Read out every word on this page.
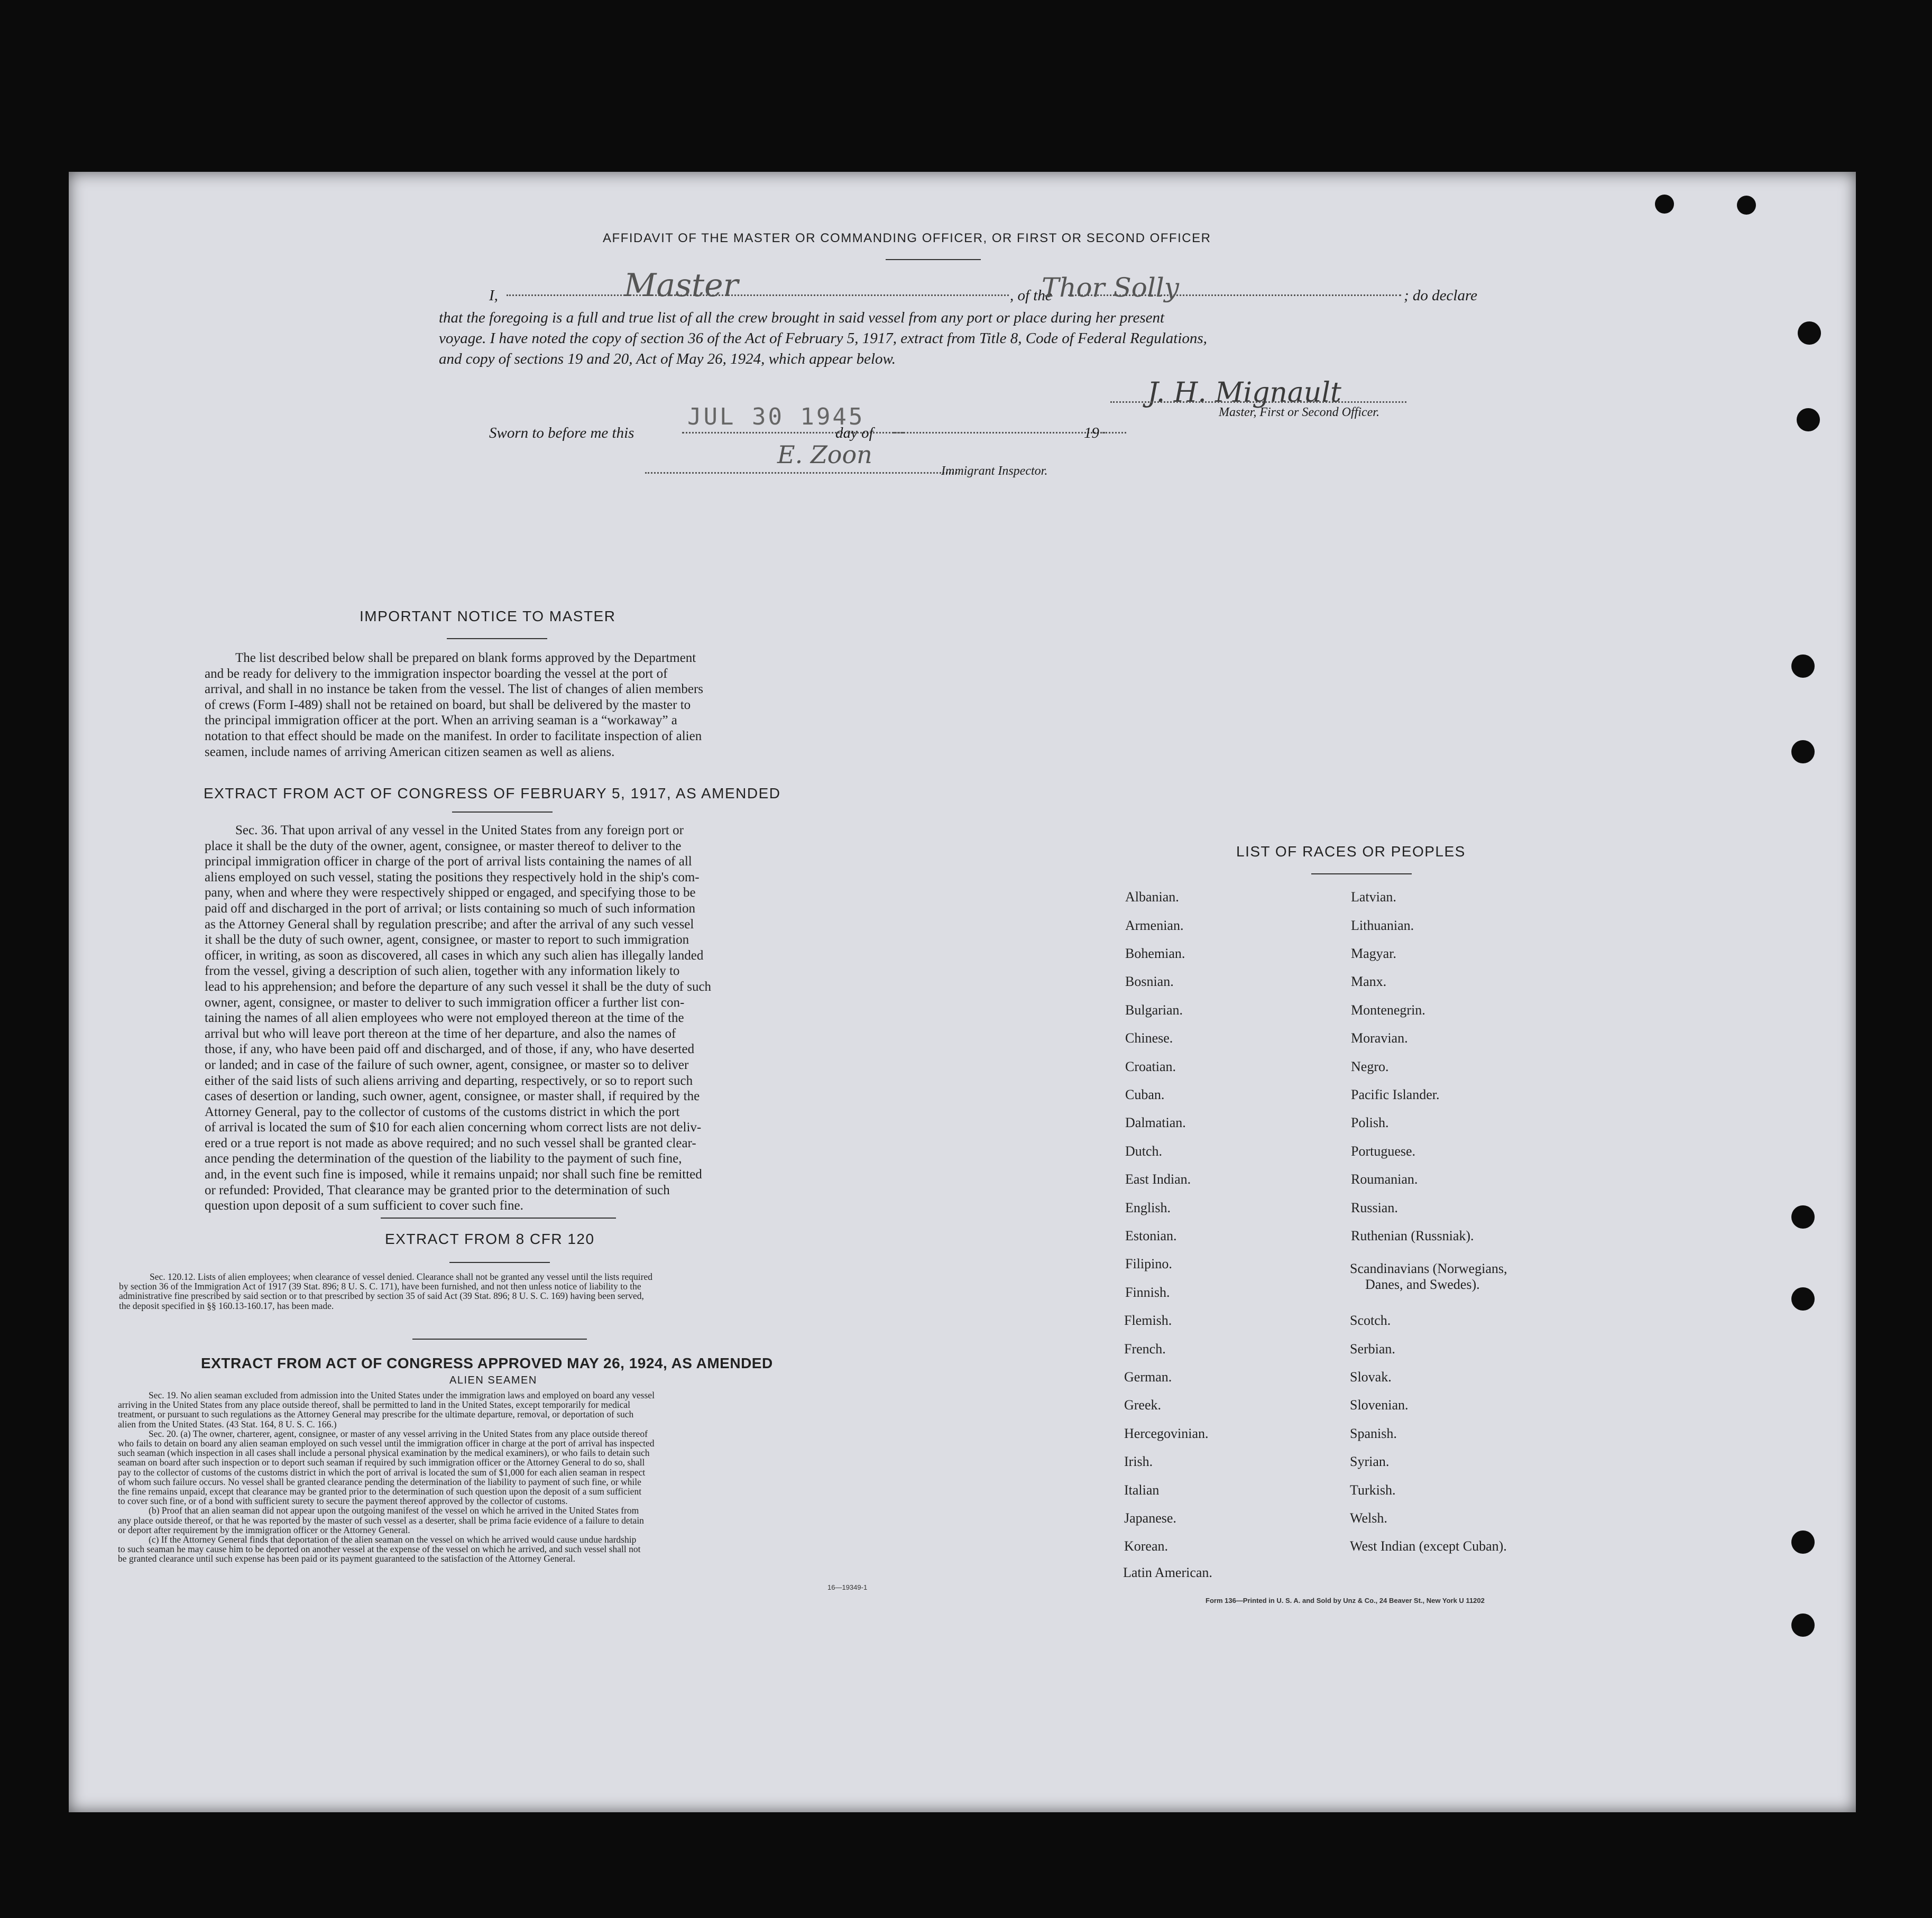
AFFIDAVIT OF THE MASTER OR COMMANDING OFFICER, OR FIRST OR SECOND OFFICER
I,	Master	, of the
Thor Solly	; do declare
that the foregoing is a full and true list of all the crew brought in said vessel from any port or place during her present
voyage. I have noted the copy of section 36 of the Act of February 5, 1917, extract from Title 8, Code of Federal Regulations,
and copy of sections 19 and 20, Act of May 26, 1924, which appear below.
J. H. Mignault
Master, First or Second Officer.
JUL 30 1945
Sworn to before me this	day of	19
E. Zoon
Immigrant Inspector.
IMPORTANT NOTICE TO MASTER
The list described below shall be prepared on blank forms approved by the Department
and be ready for delivery to the immigration inspector boarding the vessel at the port of
arrival, and shall in no instance be taken from the vessel. The list of changes of alien members
of crews (Form I-489) shall not be retained on board, but shall be delivered by the master to
the principal immigration officer at the port. When an arriving seaman is a “workaway” a
notation to that effect should be made on the manifest. In order to facilitate inspection of alien
seamen, include names of arriving American citizen seamen as well as aliens.
EXTRACT FROM ACT OF CONGRESS OF FEBRUARY 5, 1917, AS AMENDED
Sec. 36. That upon arrival of any vessel in the United States from any foreign port or
place it shall be the duty of the owner, agent, consignee, or master thereof to deliver to the
principal immigration officer in charge of the port of arrival lists containing the names of all
aliens employed on such vessel, stating the positions they respectively hold in the ship's com-
pany, when and where they were respectively shipped or engaged, and specifying those to be
paid off and discharged in the port of arrival; or lists containing so much of such information
as the Attorney General shall by regulation prescribe; and after the arrival of any such vessel
it shall be the duty of such owner, agent, consignee, or master to report to such immigration
officer, in writing, as soon as discovered, all cases in which any such alien has illegally landed
from the vessel, giving a description of such alien, together with any information likely to
lead to his apprehension; and before the departure of any such vessel it shall be the duty of such
owner, agent, consignee, or master to deliver to such immigration officer a further list con-
taining the names of all alien employees who were not employed thereon at the time of the
arrival but who will leave port thereon at the time of her departure, and also the names of
those, if any, who have been paid off and discharged, and of those, if any, who have deserted
or landed; and in case of the failure of such owner, agent, consignee, or master so to deliver
either of the said lists of such aliens arriving and departing, respectively, or so to report such
cases of desertion or landing, such owner, agent, consignee, or master shall, if required by the
Attorney General, pay to the collector of customs of the customs district in which the port
of arrival is located the sum of $10 for each alien concerning whom correct lists are not deliv-
ered or a true report is not made as above required; and no such vessel shall be granted clear-
ance pending the determination of the question of the liability to the payment of such fine,
and, in the event such fine is imposed, while it remains unpaid; nor shall such fine be remitted
or refunded: Provided, That clearance may be granted prior to the determination of such
question upon deposit of a sum sufficient to cover such fine.
EXTRACT FROM 8 CFR 120
Sec. 120.12. Lists of alien employees; when clearance of vessel denied. Clearance shall not be granted any vessel until the lists required
by section 36 of the Immigration Act of 1917 (39 Stat. 896; 8 U. S. C. 171), have been furnished, and not then unless notice of liability to the
administrative fine prescribed by said section or to that prescribed by section 35 of said Act (39 Stat. 896; 8 U. S. C. 169) having been served,
the deposit specified in §§ 160.13-160.17, has been made.
EXTRACT FROM ACT OF CONGRESS APPROVED MAY 26, 1924, AS AMENDED
ALIEN SEAMEN
Sec. 19. No alien seaman excluded from admission into the United States under the immigration laws and employed on board any vessel
arriving in the United States from any place outside thereof, shall be permitted to land in the United States, except temporarily for medical
treatment, or pursuant to such regulations as the Attorney General may prescribe for the ultimate departure, removal, or deportation of such
alien from the United States. (43 Stat. 164, 8 U. S. C. 166.)
Sec. 20. (a) The owner, charterer, agent, consignee, or master of any vessel arriving in the United States from any place outside thereof
who fails to detain on board any alien seaman employed on such vessel until the immigration officer in charge at the port of arrival has inspected
such seaman (which inspection in all cases shall include a personal physical examination by the medical examiners), or who fails to detain such
seaman on board after such inspection or to deport such seaman if required by such immigration officer or the Attorney General to do so, shall
pay to the collector of customs of the customs district in which the port of arrival is located the sum of $1,000 for each alien seaman in respect
of whom such failure occurs. No vessel shall be granted clearance pending the determination of the liability to payment of such fine, or while
the fine remains unpaid, except that clearance may be granted prior to the determination of such question upon the deposit of a sum sufficient
to cover such fine, or of a bond with sufficient surety to secure the payment thereof approved by the collector of customs.
(b) Proof that an alien seaman did not appear upon the outgoing manifest of the vessel on which he arrived in the United States from
any place outside thereof, or that he was reported by the master of such vessel as a deserter, shall be prima facie evidence of a failure to detain
or deport after requirement by the immigration officer or the Attorney General.
(c) If the Attorney General finds that deportation of the alien seaman on the vessel on which he arrived would cause undue hardship
to such seaman he may cause him to be deported on another vessel at the expense of the vessel on which he arrived, and such vessel shall not
be granted clearance until such expense has been paid or its payment guaranteed to the satisfaction of the Attorney General.
16—19349-1
LIST OF RACES OR PEOPLES
Albanian.
Armenian.
Bohemian.
Bosnian.
Bulgarian.
Chinese.
Croatian.
Cuban.
Dalmatian.
Dutch.
East Indian.
English.
Estonian.
Filipino.
Finnish.
Flemish.
French.
German.
Greek.
Hercegovinian.
Irish.
Italian
Japanese.
Korean.
Latin American.
Latvian.
Lithuanian.
Magyar.
Manx.
Montenegrin.
Moravian.
Negro.
Pacific Islander.
Polish.
Portuguese.
Roumanian.
Russian.
Ruthenian (Russniak).
Scandinavians (Norwegians,
Danes, and Swedes).
Scotch.
Serbian.
Slovak.
Slovenian.
Spanish.
Syrian.
Turkish.
Welsh.
West Indian (except Cuban).
Form 136—Printed in U. S. A. and Sold by Unz & Co., 24 Beaver St., New York U 11202
